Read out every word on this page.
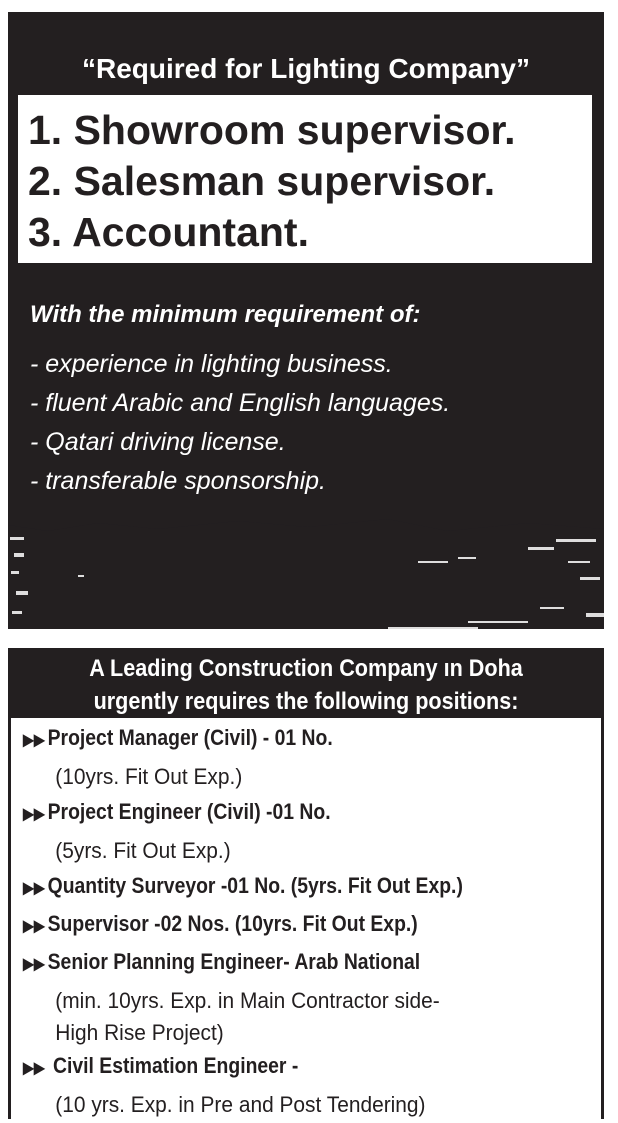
“Required for Lighting Company”
1. Showroom supervisor.
2. Salesman supervisor.
3. Accountant.

With the minimum requirement of:

- experience in lighting business.
- fluent Arabic and English languages.
- Qatari driving license.
- transferable sponsorship.
A Leading Construction Company ın Doha
urgently requires the following positions:
▶▶ Project Manager (Civil) - 01 No.
(10yrs. Fit Out Exp.)
▶▶ Project Engineer (Civil) -01 No.
(5yrs. Fit Out Exp.)
▶▶ Quantity Surveyor -01 No. (5yrs. Fit Out Exp.)
▶▶ Supervisor -02 Nos. (10yrs. Fit Out Exp.)
▶▶ Senior Planning Engineer- Arab National
(min. 10yrs. Exp. in Main Contractor side-
High Rise Project)
▶▶ Civil Estimation Engineer -
(10 yrs. Exp. in Pre and Post Tendering)
